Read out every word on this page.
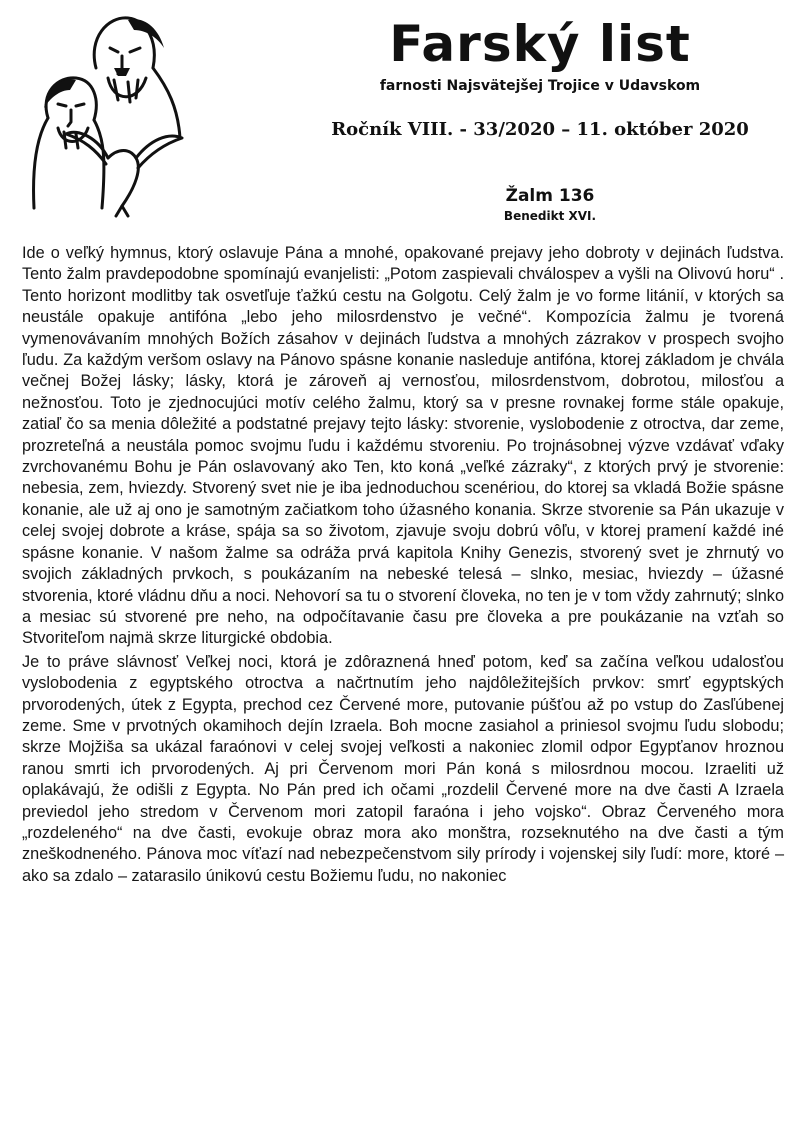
Farský list
farnosti Najsvätejšej Trojice v Udavskom
Ročník VIII. - 33/2020 – 11. október 2020
Žalm 136
Benedikt XVI.

Ide o veľký hymnus, ktorý oslavuje Pána a mnohé, opakované prejavy jeho dobroty v dejinách ľudstva. Tento žalm pravdepodobne spomínajú evanjelisti: „Potom zaspievali chválospev a vyšli na Olivovú horu“ . Tento horizont modlitby tak osvetľuje ťažkú cestu na Golgotu. Celý žalm je vo forme litánií, v ktorých sa neustále opakuje antifóna „lebo jeho milosrdenstvo je večné“. Kompozícia žalmu je tvorená vymenovávaním mnohých Božích zásahov v dejinách ľudstva a mnohých zázrakov v prospech svojho ľudu. Za každým veršom oslavy na Pánovo spásne konanie nasleduje antifóna, ktorej základom je chvála večnej Božej lásky; lásky, ktorá je zároveň aj vernosťou, milosrdenstvom, dobrotou, milosťou a nežnosťou. Toto je zjednocujúci motív celého žalmu, ktorý sa v presne rovnakej forme stále opakuje, zatiaľ čo sa menia dôležité a podstatné prejavy tejto lásky: stvorenie, vyslobodenie z otroctva, dar zeme, prozreteľná a neustála pomoc svojmu ľudu i každému stvoreniu. Po trojnásobnej výzve vzdávať vďaky zvrchovanému Bohu je Pán oslavovaný ako Ten, kto koná „veľké zázraky“, z ktorých prvý je stvorenie: nebesia, zem, hviezdy. Stvorený svet nie je iba jednoduchou scenériou, do ktorej sa vkladá Božie spásne konanie, ale už aj ono je samotným začiatkom toho úžasného konania. Skrze stvorenie sa Pán ukazuje v celej svojej dobrote a kráse, spája sa so životom, zjavuje svoju dobrú vôľu, v ktorej pramení každé iné spásne konanie. V našom žalme sa odráža prvá kapitola Knihy Genezis, stvorený svet je zhrnutý vo svojich základných prvkoch, s poukázaním na nebeské telesá – slnko, mesiac, hviezdy – úžasné stvorenia, ktoré vládnu dňu a noci. Nehovorí sa tu o stvorení človeka, no ten je v tom vždy zahrnutý; slnko a mesiac sú stvorené pre neho, na odpočítavanie času pre človeka a pre poukázanie na vzťah so Stvoriteľom najmä skrze liturgické obdobia.

Je to práve slávnosť Veľkej noci, ktorá je zdôraznená hneď potom, keď sa začína veľkou udalosťou vyslobodenia z egyptského otroctva a načrtnutím jeho najdôležitejších prvkov: smrť egyptských prvorodených, útek z Egypta, prechod cez Červené more, putovanie púšťou až po vstup do Zasľúbenej zeme. Sme v prvotných okamihoch dejín Izraela. Boh mocne zasiahol a priniesol svojmu ľudu slobodu; skrze Mojžiša sa ukázal faraónovi v celej svojej veľkosti a nakoniec zlomil odpor Egypťanov hroznou ranou smrti ich prvorodených. Aj pri Červenom mori Pán koná s milosrdnou mocou. Izraeliti už oplakávajú, že odišli z Egypta. No Pán pred ich očami „rozdelil Červené more na dve časti A Izraela previedol jeho stredom v Červenom mori zatopil faraóna i jeho vojsko“. Obraz Červeného mora „rozdeleného“ na dve časti, evokuje obraz mora ako monštra, rozseknutého na dve časti a tým zneškodneného. Pánova moc víťazí nad nebezpečenstvom sily prírody i vojenskej sily ľudí: more, ktoré – ako sa zdalo – zatarasilo únikovú cestu Božiemu ľudu, no nakoniec
